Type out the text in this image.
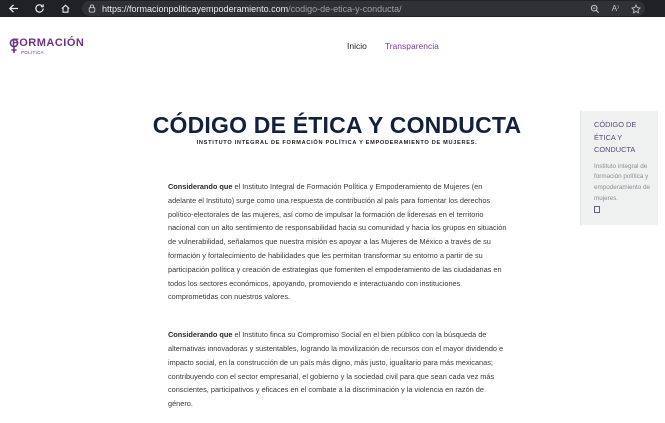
https://formacionpoliticayempoderamiento.com/codigo-de-etica-y-conducta/	A⁾
FORMACIÓN
POLÍTICA
Inicio Transparencia
CÓDIGO DE ÉTICA Y CONDUCTA
INSTITUTO INTEGRAL DE FORMACIÓN POLÍTICA Y EMPODERAMIENTO DE MUJERES.

Considerando que el Instituto Integral de Formación Política y Empoderamiento de Mujeres (en adelante el Instituto) surge como una respuesta de contribución al país para fomentar los derechos político-electorales de las mujeres, así como de impulsar la formación de lideresas en el territorio nacional con un alto sentimiento de responsabilidad hacia su comunidad y hacia los grupos en situación de vulnerabilidad, señalamos que nuestra misión es apoyar a las Mujeres de México a través de su formación y fortalecimiento de habilidades que les permitan transformar su entorno a partir de su participación política y creación de estrategias que fomenten el empoderamiento de las ciudadanas en todos los sectores económicos, apoyando, promoviendo e interactuando con instituciones comprometidas con nuestros valores.

Considerando que el Instituto finca su Compromiso Social en el bien público con la búsqueda de alternativas innovadoras y sustentables, logrando la movilización de recursos con el mayor dividendo e impacto social, en la construcción de un país más digno, más justo, igualitario para más mexicanas; contribuyendo con el sector empresarial, el gobierno y la sociedad civil para que sean cada vez más conscientes, participativos y eficaces en el combate a la discriminación y la violencia en razón de género.

CÓDIGO DE ÉTICA Y CONDUCTA
Instituto integral de formación política y empoderamiento de mujeres.
